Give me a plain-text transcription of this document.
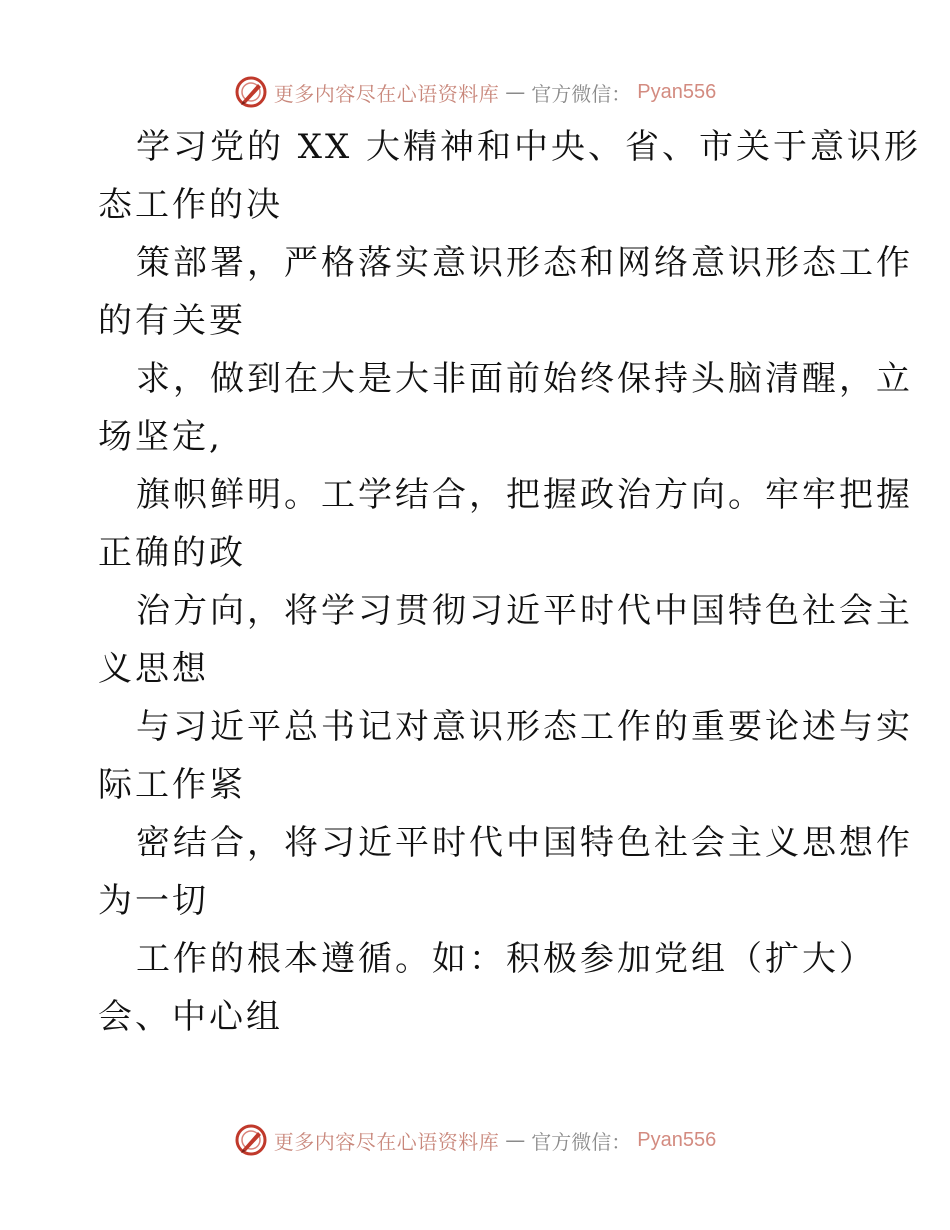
更多内容尽在心语资料库 — 官方微信： Pyan556
学习党的 XX 大精神和中央、省、市关于意识形
态工作的决
策部署，严格落实意识形态和网络意识形态工作
的有关要
求，做到在大是大非面前始终保持头脑清醒，立
场坚定,
旗帜鲜明。工学结合，把握政治方向。牢牢把握
正确的政
治方向，将学习贯彻习近平时代中国特色社会主
义思想
与习近平总书记对意识形态工作的重要论述与实
际工作紧
密结合，将习近平时代中国特色社会主义思想作
为一切
工作的根本遵循。如：积极参加党组（扩大）
会、中心组
更多内容尽在心语资料库 — 官方微信： Pyan556
